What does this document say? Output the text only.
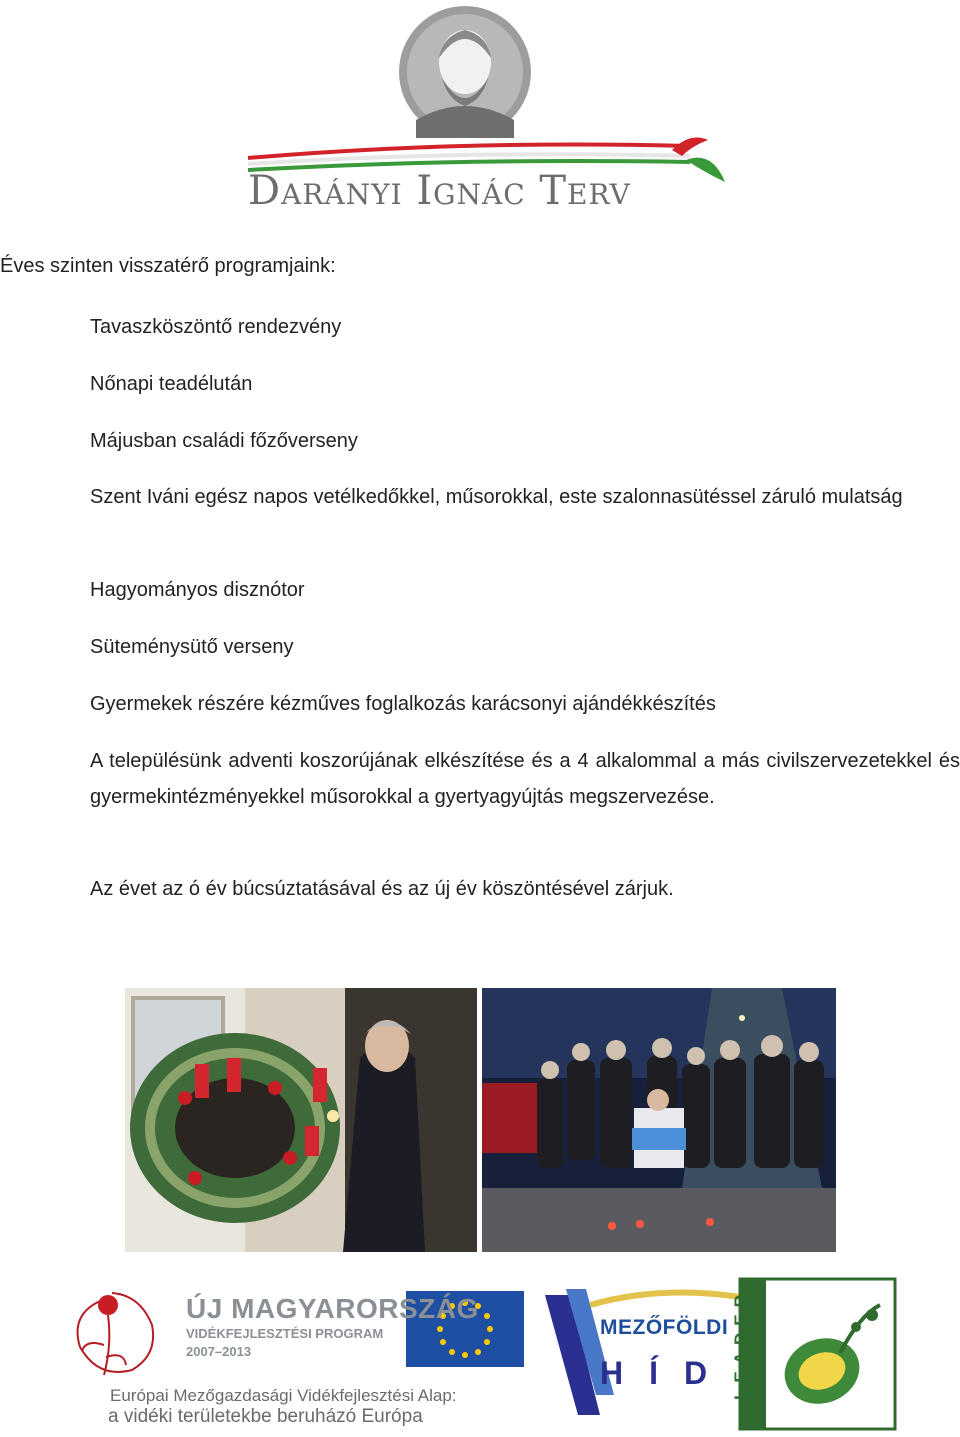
Darányi Ignác Terv
Éves szinten visszatérő programjaink:
Tavaszköszöntő rendezvény
Nőnapi teadélután
Májusban családi főzőverseny
Szent Iváni egész napos vetélkedőkkel, műsorokkal, este szalonnasütéssel záruló mulatság
Hagyományos disznótor
Süteménysütő verseny
Gyermekek részére kézműves foglalkozás karácsonyi ajándékkészítés
A településünk adventi koszorújának elkészítése és a 4 alkalommal a más civilszervezetekkel és gyermekintézményekkel műsorokkal a gyertyagyújtás megszervezése.
Az évet az ó év búcsúztatásával és az új év köszöntésével zárjuk.
ÚJ MAGYARORSZÁG
VIDÉKFEJLESZTÉSI PROGRAM
2007–2013
Európai Mezőgazdasági Vidékfejlesztési Alap:
a vidéki területekbe beruházó Európa
MEZŐFÖLDI
HÍD
LEADER
